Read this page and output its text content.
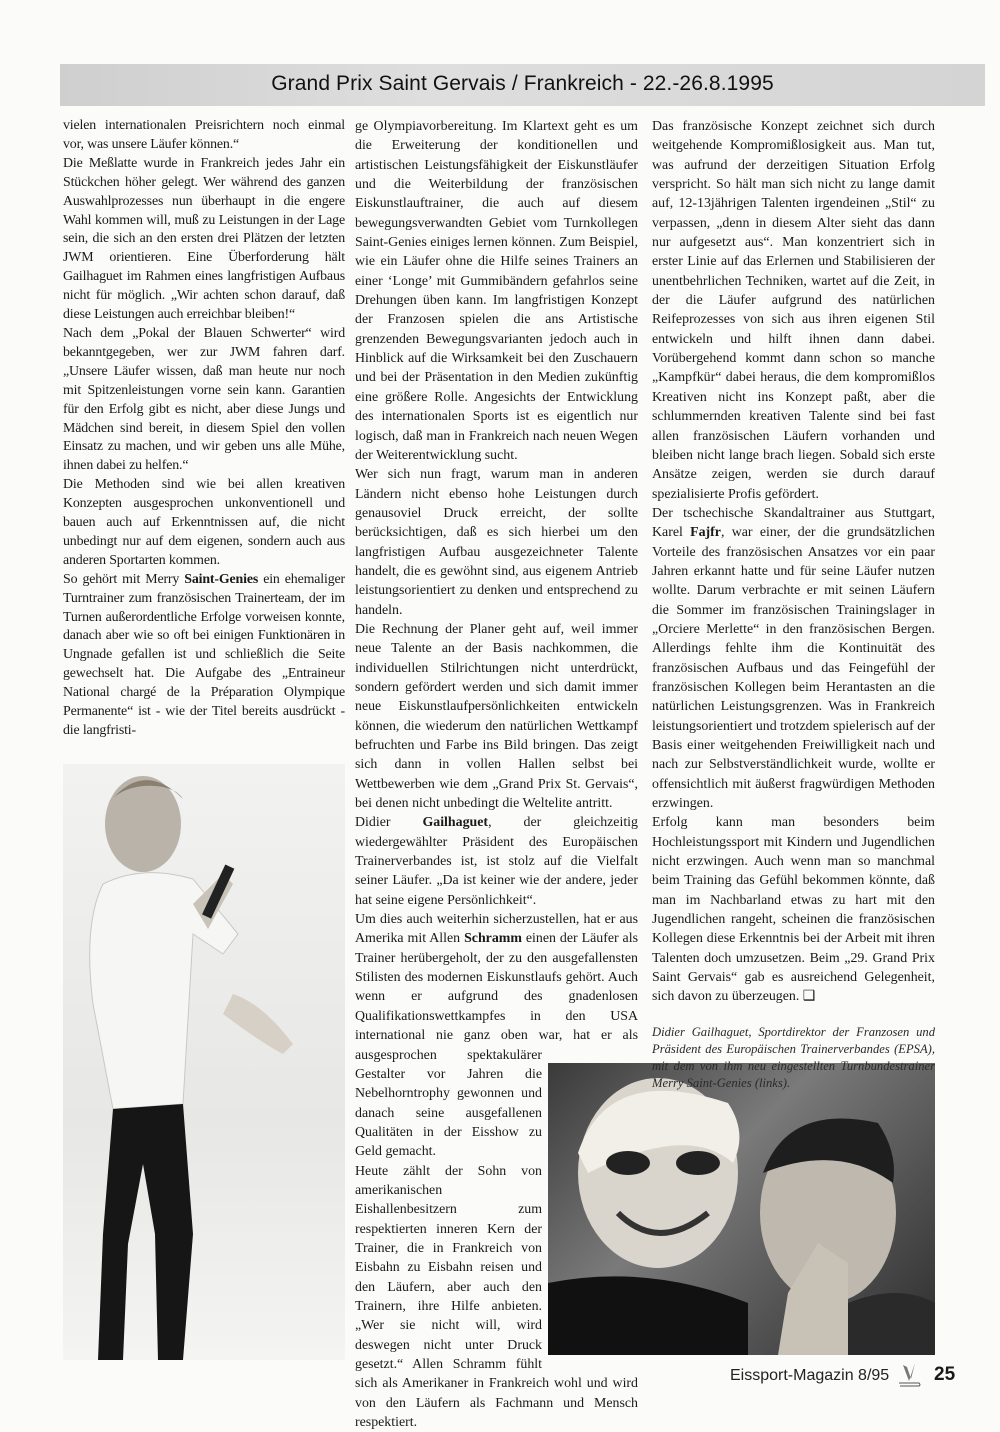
Grand Prix Saint Gervais / Frankreich - 22.-26.8.1995

vielen internationalen Preisrichtern noch einmal vor, was unsere Läufer können.“

Die Meßlatte wurde in Frankreich jedes Jahr ein Stückchen höher gelegt. Wer während des ganzen Auswahlprozesses nun überhaupt in die engere Wahl kommen will, muß zu Leistungen in der Lage sein, die sich an den ersten drei Plätzen der letzten JWM orientieren. Eine Überforderung hält Gailhaguet im Rahmen eines langfristigen Aufbaus nicht für möglich. „Wir achten schon darauf, daß diese Leistungen auch erreichbar bleiben!“

Nach dem „Pokal der Blauen Schwerter“ wird bekanntgegeben, wer zur JWM fahren darf. „Unsere Läufer wissen, daß man heute nur noch mit Spitzenleistungen vorne sein kann. Garantien für den Erfolg gibt es nicht, aber diese Jungs und Mädchen sind bereit, in diesem Spiel den vollen Einsatz zu machen, und wir geben uns alle Mühe, ihnen dabei zu helfen.“

Die Methoden sind wie bei allen kreativen Konzepten ausgesprochen unkonventionell und bauen auch auf Erkenntnissen auf, die nicht unbedingt nur auf dem eigenen, sondern auch aus anderen Sportarten kommen.

So gehört mit Merry Saint-Genies ein ehemaliger Turntrainer zum französischen Trainerteam, der im Turnen außerordentliche Erfolge vorweisen konnte, danach aber wie so oft bei einigen Funktionären in Ungnade gefallen ist und schließlich die Seite gewechselt hat. Die Aufgabe des „Entraineur National chargé de la Préparation Olympique Permanente“ ist - wie der Titel bereits ausdrückt - die langfristi-

ge Olympiavorbereitung. Im Klartext geht es um die Erweiterung der konditionellen und artistischen Leistungsfähigkeit der Eiskunstläufer und die Weiterbildung der französischen Eiskunstlauftrainer, die auch auf diesem bewegungsverwandten Gebiet vom Turnkollegen Saint-Genies einiges lernen können. Zum Beispiel, wie ein Läufer ohne die Hilfe seines Trainers an einer ‘Longe’ mit Gummibändern gefahrlos seine Drehungen üben kann. Im langfristigen Konzept der Franzosen spielen die ans Artistische grenzenden Bewegungsvarianten jedoch auch in Hinblick auf die Wirksamkeit bei den Zuschauern und bei der Präsentation in den Medien zukünftig eine größere Rolle. Angesichts der Entwicklung des internationalen Sports ist es eigentlich nur logisch, daß man in Frankreich nach neuen Wegen der Weiterentwicklung sucht.

Wer sich nun fragt, warum man in anderen Ländern nicht ebenso hohe Leistungen durch genausoviel Druck erreicht, der sollte berücksichtigen, daß es sich hierbei um den langfristigen Aufbau ausgezeichneter Talente handelt, die es gewöhnt sind, aus eigenem Antrieb leistungsorientiert zu denken und entsprechend zu handeln.

Die Rechnung der Planer geht auf, weil immer neue Talente an der Basis nachkommen, die individuellen Stilrichtungen nicht unterdrückt, sondern gefördert werden und sich damit immer neue Eiskunstlaufpersönlichkeiten entwickeln können, die wiederum den natürlichen Wettkampf befruchten und Farbe ins Bild bringen. Das zeigt sich dann in vollen Hallen selbst bei Wettbewerben wie dem „Grand Prix St. Gervais“, bei denen nicht unbedingt die Weltelite antritt.

Didier Gailhaguet, der gleichzeitig wiedergewählter Präsident des Europäischen Trainerverbandes ist, ist stolz auf die Vielfalt seiner Läufer. „Da ist keiner wie der andere, jeder hat seine eigene Persönlichkeit“.

Um dies auch weiterhin sicherzustellen, hat er aus Amerika mit Allen Schramm einen der Läufer als Trainer herübergeholt, der zu den ausgefallensten Stilisten des modernen Eiskunstlaufs gehört. Auch wenn er aufgrund des gnadenlosen Qualifikationswettkampfes in den USA international nie ganz oben war, hat er als ausgesprochen spektakulärer Gestalter vor Jahren die Nebelhorntrophy gewonnen und danach seine ausgefallenen Qualitäten in der Eisshow zu Geld gemacht.

Heute zählt der Sohn von amerikanischen Eishallenbesitzern zum respektierten inneren Kern der Trainer, die in Frankreich von Eisbahn zu Eisbahn reisen und den Läufern, aber auch den Trainern, ihre Hilfe anbieten. „Wer sie nicht will, wird deswegen nicht unter Druck gesetzt.“ Allen Schramm fühlt sich als Amerikaner in Frankreich wohl und wird von den Läufern als Fachmann und Mensch respektiert.

Das französische Konzept zeichnet sich durch weitgehende Kompromißlosigkeit aus. Man tut, was aufrund der derzeitigen Situation Erfolg verspricht. So hält man sich nicht zu lange damit auf, 12-13jährigen Talenten irgendeinen „Stil“ zu verpassen, „denn in diesem Alter sieht das dann nur aufgesetzt aus“. Man konzentriert sich in erster Linie auf das Erlernen und Stabilisieren der unentbehrlichen Techniken, wartet auf die Zeit, in der die Läufer aufgrund des natürlichen Reifeprozesses von sich aus ihren eigenen Stil entwickeln und hilft ihnen dann dabei. Vorübergehend kommt dann schon so manche „Kampfkür“ dabei heraus, die dem kompromißlos Kreativen nicht ins Konzept paßt, aber die schlummernden kreativen Talente sind bei fast allen französischen Läufern vorhanden und bleiben nicht lange brach liegen. Sobald sich erste Ansätze zeigen, werden sie durch darauf spezialisierte Profis gefördert.

Der tschechische Skandaltrainer aus Stuttgart, Karel Fajfr, war einer, der die grundsätzlichen Vorteile des französischen Ansatzes vor ein paar Jahren erkannt hatte und für seine Läufer nutzen wollte. Darum verbrachte er mit seinen Läufern die Sommer im französischen Trainingslager in „Orciere Merlette“ in den französischen Bergen. Allerdings fehlte ihm die Kontinuität des französischen Aufbaus und das Feingefühl der französischen Kollegen beim Herantasten an die natürlichen Leistungsgrenzen. Was in Frankreich leistungsorientiert und trotzdem spielerisch auf der Basis einer weitgehenden Freiwilligkeit nach und nach zur Selbstverständlichkeit wurde, wollte er offensichtlich mit äußerst fragwürdigen Methoden erzwingen.

Erfolg kann man besonders beim Hochleistungssport mit Kindern und Jugendlichen nicht erzwingen. Auch wenn man so manchmal beim Training das Gefühl bekommen könnte, daß man im Nachbarland etwas zu hart mit den Jugendlichen rangeht, scheinen die französischen Kollegen diese Erkenntnis bei der Arbeit mit ihren Talenten doch umzusetzen. Beim „29. Grand Prix Saint Gervais“ gab es ausreichend Gelegenheit, sich davon zu überzeugen. ❑

Didier Gailhaguet, Sportdirektor der Franzosen und Präsident des Europäischen Trainerverbandes (EPSA), mit dem von ihm neu eingestellten Turnbundestrainer Merry Saint-Genies (links).
Eissport-Magazin 8/95 25
